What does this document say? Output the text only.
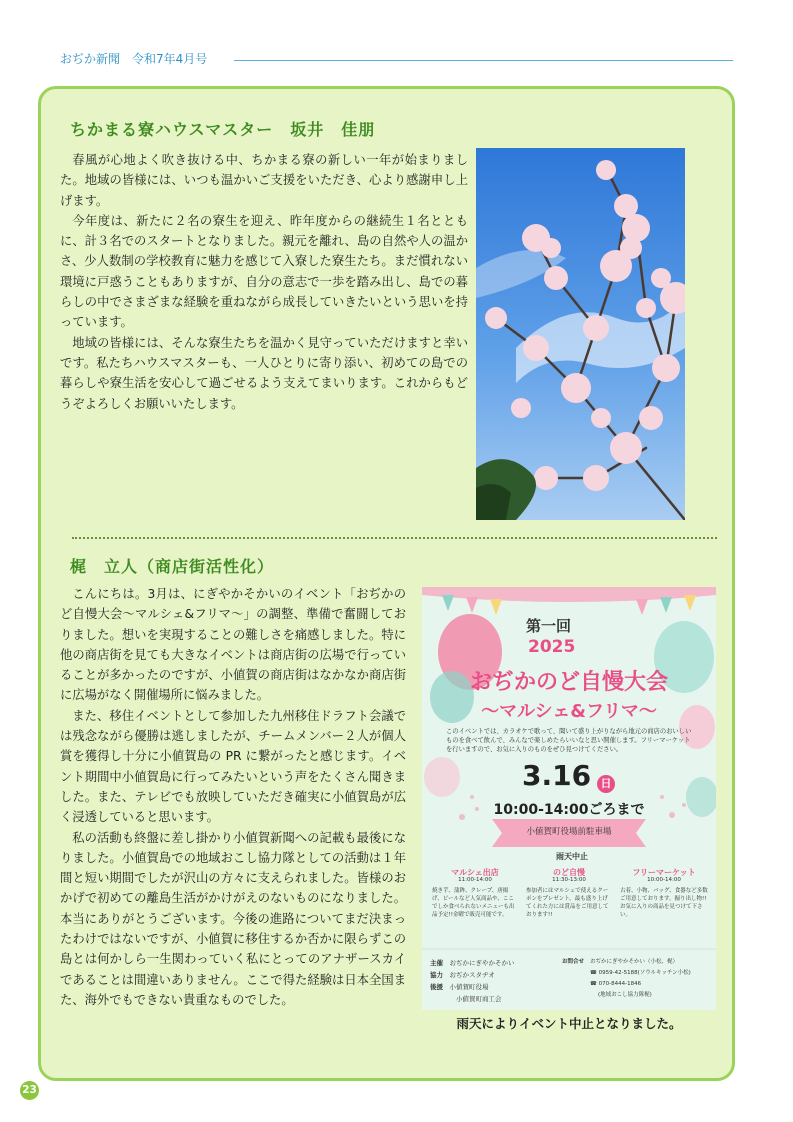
おぢか新聞　令和7年4月号
ちかまる寮ハウスマスター　坂井　佳朋

春風が心地よく吹き抜ける中、ちかまる寮の新しい一年が始まりました。地域の皆様には、いつも温かいご支援をいただき、心より感謝申し上げます。

今年度は、新たに２名の寮生を迎え、昨年度からの継続生１名とともに、計３名でのスタートとなりました。親元を離れ、島の自然や人の温かさ、少人数制の学校教育に魅力を感じて入寮した寮生たち。まだ慣れない環境に戸惑うこともありますが、自分の意志で一歩を踏み出し、島での暮らしの中でさまざまな経験を重ねながら成長していきたいという思いを持っています。

地域の皆様には、そんな寮生たちを温かく見守っていただけますと幸いです。私たちハウスマスターも、一人ひとりに寄り添い、初めての島での暮らしや寮生活を安心して過ごせるよう支えてまいります。これからもどうぞよろしくお願いいたします。

梶　立人（商店街活性化）

こんにちは。3月は、にぎやかそかいのイベント「おぢかのど自慢大会〜マルシェ&フリマ〜」の調整、準備で奮闘しておりました。想いを実現することの難しさを痛感しました。特に他の商店街を見ても大きなイベントは商店街の広場で行っていることが多かったのですが、小値賀の商店街はなかなか商店街に広場がなく開催場所に悩みました。

また、移住イベントとして参加した九州移住ドラフト会議では残念ながら優勝は逃しましたが、チームメンバー２人が個人賞を獲得し十分に小値賀島の PR に繋がったと感じます。イベント期間中小値賀島に行ってみたいという声をたくさん聞きました。また、テレビでも放映していただき確実に小値賀島が広く浸透していると思います。

私の活動も終盤に差し掛かり小値賀新聞への記載も最後になりました。小値賀島での地域おこし協力隊としての活動は１年間と短い期間でしたが沢山の方々に支えられました。皆様のおかげで初めての離島生活がかけがえのないものになりました。本当にありがとうございます。今後の進路についてまだ決まったわけではないですが、小値賀に移住するか否かに限らずこの島とは何かしら一生関わっていく私にとってのアナザースカイであることは間違いありません。ここで得た経験は日本全国また、海外でもできない貴重なものでした。

第一回
2025
おぢかのど自慢大会
〜マルシェ&フリマ〜
このイベントでは、カラオケで歌って、聞いて盛り上がりながら地元の商店のおいしいものを食べて飲んで、みんなで楽しめたらいいなと思い開催します。フリーマーケットを行いますので、お気に入りのものをぜひ見つけてください。
3.16 日
10:00-14:00ごろまで
小値賀町役場前駐車場
雨天中止
マルシェ出店
11:00-14:00
焼き芋、蒲鉾、クレープ、唐揚げ、ビールなど人気商品や、ここでしか食べられないメニューも出品予定!!金曜で販売可能です。
のど自慢
11:30-13:00
参加者にはマルシェで使えるクーポンをプレゼント。最も盛り上げてくれた方には賞品をご用意しております!!
フリーマーケット
10:00-14:00
古着、小物、バッグ、食器など多数ご用意しております。掘り出し物!!お気に入りの商品を見つけて下さい。
主催　 おぢかにぎやかそかい
協力　 おぢかスタヂオ
後援　 小値賀町役場
小値賀町商工会
お問合せ おぢかにぎやかそかい（小松、梶）
☎ 0959-42-5188(ソウルキッチン小松)
☎ 070-8444-1846
(地域おこし協力隊梶)
雨天によりイベント中止となりました。
23
